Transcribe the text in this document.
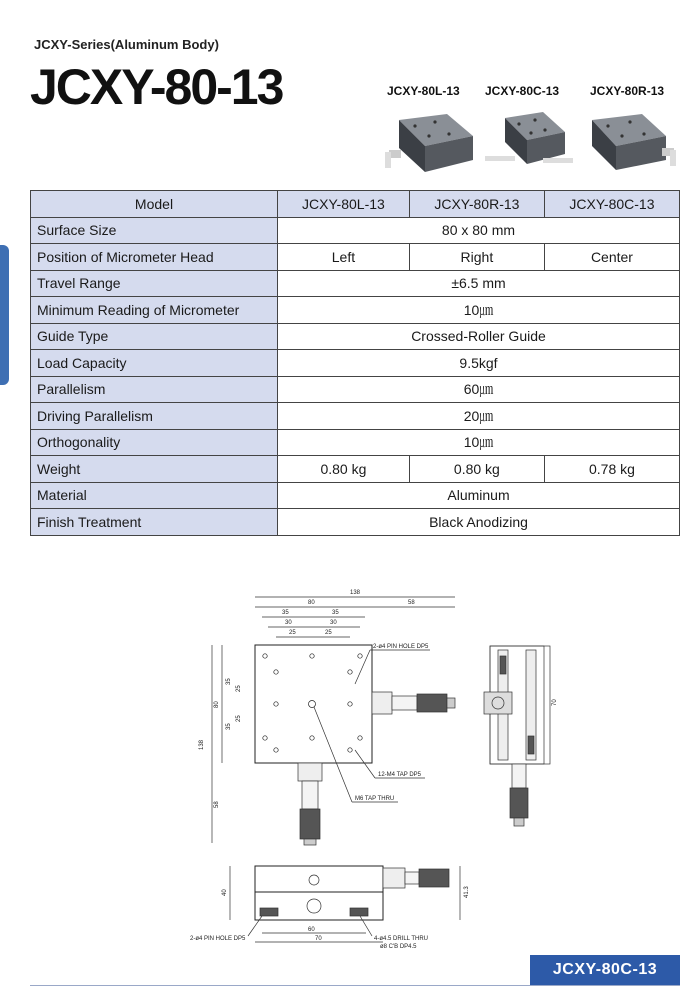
JCXY-Series(Aluminum Body)
JCXY-80-13	JCXY-80L-13 JCXY-80C-13	JCXY-80R-13
Model	JCXY-80L-13	JCXY-80R-13	JCXY-80C-13
Surface Size	80 x 80 mm		
Position of Micrometer Head	Left	Right	Center
Travel Range	±6.5 mm		
Minimum Reading of Micrometer	10㎛		
Guide Type	Crossed-Roller Guide		
Load Capacity	9.5kgf		
Parallelism	60㎛		
Driving Parallelism	20㎛		
Orthogonality	10㎛		
Weight	0.80 kg	0.80 kg	0.78 kg
Material	Aluminum		
Finish Treatment	Black Anodizing		
138
80	58
35	35
30	30
25	25
138
80
58
35
35
25
25
2-ø4 PIN HOLE DP5
12-M4 TAP DP5
M6 TAP THRU
70
40	41.3
60
70
2-ø4 PIN HOLE DP5	4-ø4.5 DRILL THRU
ø8 C'B DP4.5
JCXY-80C-13
